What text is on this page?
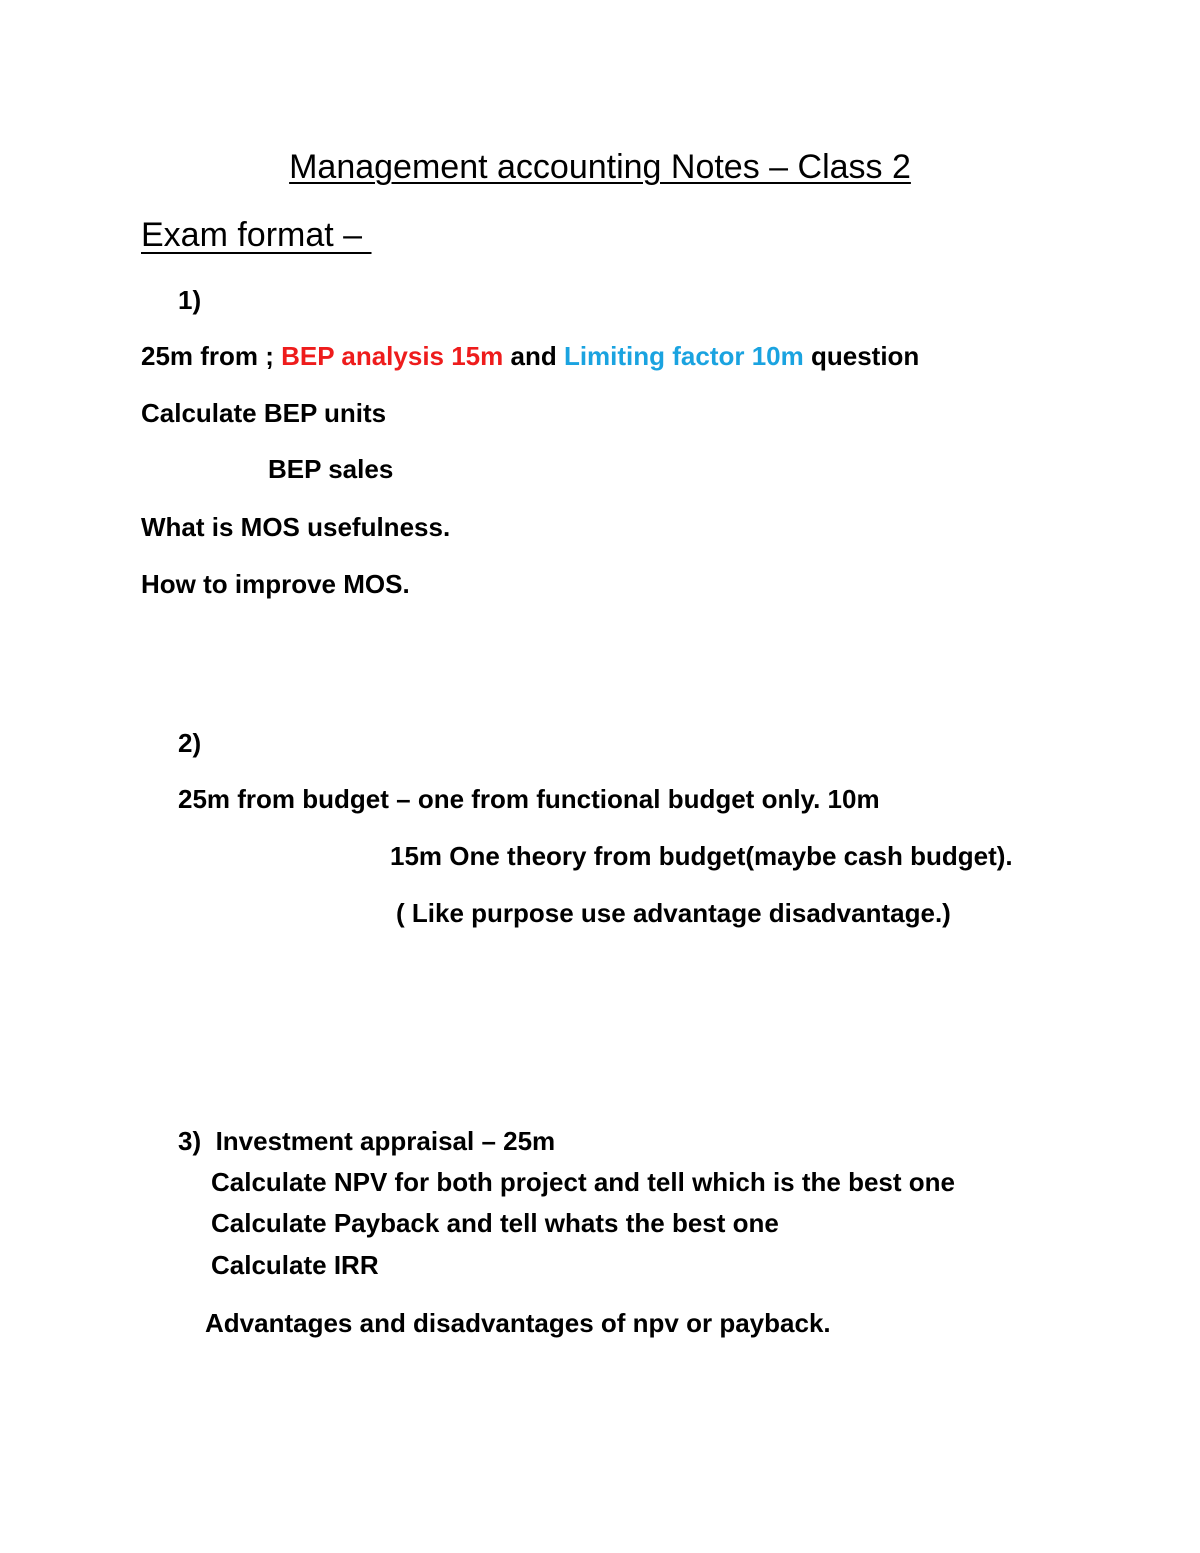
Management accounting Notes – Class 2
Exam format –
1)
25m from ; BEP analysis 15m and Limiting factor 10m question
Calculate BEP units
BEP sales
What is MOS usefulness.
How to improve MOS.
2)
25m from budget – one from functional budget only. 10m
15m One theory from budget(maybe cash budget).
( Like purpose use advantage disadvantage.)
3)  Investment appraisal – 25m
Calculate NPV for both project and tell which is the best one
Calculate Payback and tell whats the best one
Calculate IRR
Advantages and disadvantages of npv or payback.
